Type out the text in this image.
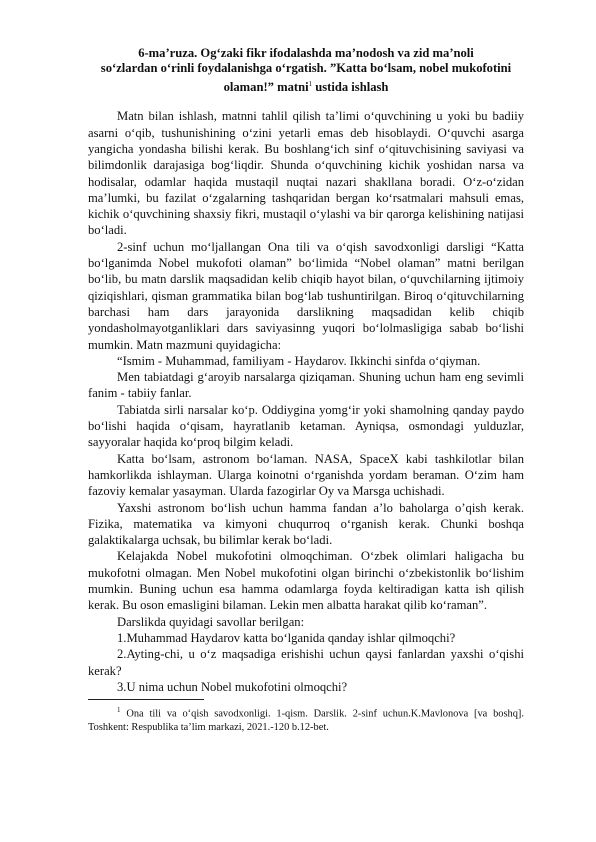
6-ma’ruza. Og‘zaki fikr ifodalashda ma’nodosh va zid ma’noli
so‘zlardan o‘rinli foydalanishga o‘rgatish. ”Katta bo‘lsam, nobel mukofotini
olaman!” matni$^1$ ustida ishlash

Matn bilan ishlash, matnni tahlil qilish ta’limi o‘quvchining u yoki bu badiiy asarni o‘qib, tushunishining o‘zini yetarli emas deb hisoblaydi. O‘quvchi asarga yangicha yondasha bilishi kerak. Bu boshlang‘ich sinf o‘qituvchisining saviyasi va bilimdonlik darajasiga bog‘liqdir. Shunda o‘quvchining kichik yoshidan narsa va hodisalar, odamlar haqida mustaqil nuqtai nazari shakllana boradi. O‘z-o‘zidan ma’lumki, bu fazilat o‘zgalarning tashqaridan bergan ko‘rsatmalari mahsuli emas, kichik o‘quvchining shaxsiy fikri, mustaqil o‘ylashi va bir qarorga kelishining natijasi bo‘ladi.

2-sinf uchun mo‘ljallangan Ona tili va o‘qish savodxonligi darsligi “Katta bo‘lganimda Nobel mukofoti olaman” bo‘limida “Nobel olaman” matni berilgan bo‘lib, bu matn darslik maqsadidan kelib chiqib hayot bilan, o‘quvchilarning ijtimoiy qiziqishlari, qisman grammatika bilan bog‘lab tushuntirilgan. Biroq o‘qituvchilarning barchasi ham dars jarayonida darslikning maqsadidan kelib chiqib yondasholmayotganliklari dars saviyasinng yuqori bo‘lolmasligiga sabab bo‘lishi mumkin. Matn mazmuni quyidagicha:

“Ismim - Muhammad, familiyam - Haydarov. Ikkinchi sinfda o‘qiyman.

Men tabiatdagi g‘aroyib narsalarga qiziqaman. Shuning uchun ham eng sevimli fanim - tabiiy fanlar.

Tabiatda sirli narsalar ko‘p. Oddiygina yomg‘ir yoki shamolning qanday paydo bo‘lishi haqida o‘qisam, hayratlanib ketaman. Ayniqsa, osmondagi yulduzlar, sayyoralar haqida ko‘proq bilgim keladi.

Katta bo‘lsam, astronom bo‘laman. NASA, SpaceX kabi tashkilotlar bilan hamkorlikda ishlayman. Ularga koinotni o‘rganishda yordam beraman. O‘zim ham fazoviy kemalar yasayman. Ularda fazogirlar Oy va Marsga uchishadi.

Yaxshi astronom bo‘lish uchun hamma fandan a’lo baholarga o’qish kerak. Fizika, matematika va kimyoni chuqurroq o‘rganish kerak. Chunki boshqa galaktikalarga uchsak, bu bilimlar kerak bo‘ladi.

Kelajakda Nobel mukofotini olmoqchiman. O‘zbek olimlari haligacha bu mukofotni olmagan. Men Nobel mukofotini olgan birinchi o‘zbekistonlik bo‘lishim mumkin. Buning uchun esa hamma odamlarga foyda keltiradigan katta ish qilish kerak. Bu oson emasligini bilaman. Lekin men albatta harakat qilib ko‘raman”.

Darslikda quyidagi savollar berilgan:

1.Muhammad Haydarov katta bo‘lganida qanday ishlar qilmoqchi?

2.Ayting-chi, u o‘z maqsadiga erishishi uchun qaysi fanlardan yaxshi o‘qishi kerak?

3.U nima uchun Nobel mukofotini olmoqchi?

$^1$ Ona tili va o‘qish savodxonligi. 1-qism. Darslik. 2-sinf uchun.K.Mavlonova [va boshq]. Toshkent: Respublika ta’lim markazi, 2021.-120 b.12-bet.
